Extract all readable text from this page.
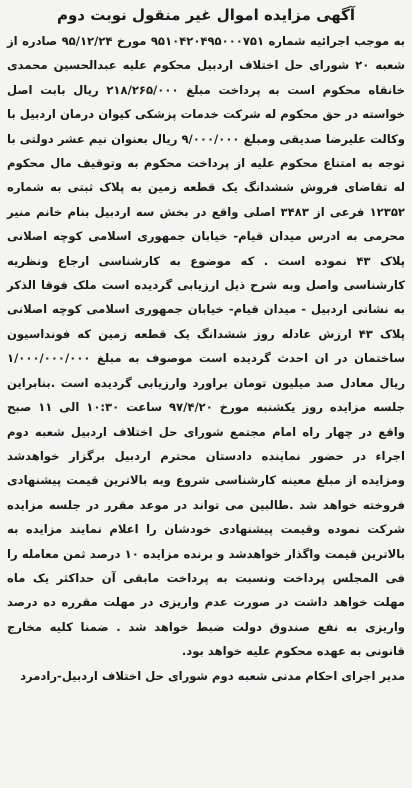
آگهی مزایده اموال غیر منقول نوبت دوم

به موجب اجرائیه شماره ۹۵۱۰۴۲۰۴۹۵۰۰۰۷۵۱ مورخ ۹۵/۱۲/۲۴ صادره از شعبه ۲۰ شورای حل اختلاف اردبیل محکوم علیه عبدالحسین محمدی خانقاه محکوم است به پرداخت مبلغ ۲۱۸/۲۶۵/۰۰۰ ریال بابت اصل خواسته در حق محکوم له شرکت خدمات پزشکی کیوان درمان اردبیل با وکالت علیرضا صدیقی ومبلغ ۹/۰۰۰/۰۰۰ ریال بعنوان نیم عشر دولتی با توجه به امتناع محکوم علیه از پرداخت محکوم به وتوقیف مال محکوم له تقاضای فروش ششدانگ یک قطعه زمین به پلاک ثبتی به شماره ۱۲۳۵۲ فرعی از ۳۴۸۳ اصلی واقع در بخش سه اردبیل بنام خانم منیر محرمی به ادرس میدان قیام- خیابان جمهوری اسلامی کوچه اصلانی پلاک ۴۳ نموده است . که موضوع به کارشناسی ارجاع ونظریه کارشناسی واصل وبه شرح ذیل ارزیابی گردیده است ملک فوقا الذکر به نشانی اردبیل - میدان قیام- خیابان جمهوری اسلامی کوچه اصلانی پلاک ۴۳ ارزش عادله روز ششدانگ یک قطعه زمین که فونداسیون ساختمان در ان احدث گردیده است موصوف به مبلغ ۱/۰۰۰/۰۰۰/۰۰۰ ریال معادل صد میلیون تومان براورد وارزیابی گردیده است .بنابراین جلسه مزایده روز یکشنبه مورخ ۹۷/۴/۲۰ ساعت ۱۰:۳۰ الی ۱۱ صبح واقع در چهار راه امام مجتمع شورای حل اختلاف اردبیل شعبه دوم اجراء در حضور نماینده دادستان محترم اردبیل برگزار خواهدشد ومزایده از مبلغ معینه کارشناسی شروع وبه بالاترین قیمت پیشنهادی فروخته خواهد شد .طالبین می تواند در موعد مقرر در جلسه مزایده شرکت نموده وقیمت پیشنهادی خودشان را اعلام نمایند مزایده به بالاترین قیمت واگذار خواهدشد و برنده مزایده ۱۰ درصد ثمن معامله را فی المجلس پرداخت ونسبت به پرداخت مابقی آن حداکثر یک ماه مهلت خواهد داشت در صورت عدم واریزی در مهلت مقرره ده درصد واریزی به نفع صندوق دولت ضبط خواهد شد . ضمنا کلیه مخارج قانونی به عهده محکوم علیه خواهد بود.

مدیر اجرای احکام مدنی شعبه دوم شورای حل اختلاف اردبیل-رادمرد
